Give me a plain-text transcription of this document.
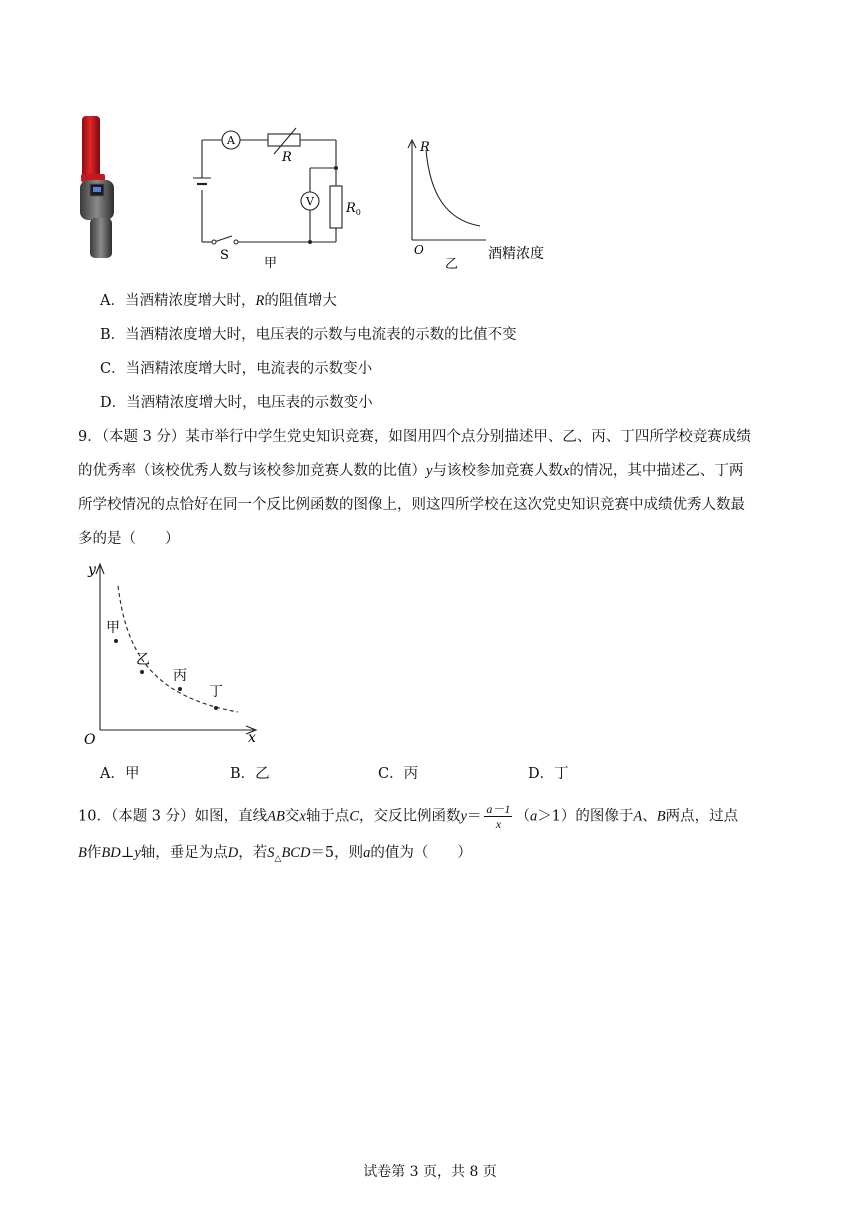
A
R
V $R_0$
S
甲
R
O	酒精浓度
乙
A．当酒精浓度增大时，R的阻值增大
B．当酒精浓度增大时，电压表的示数与电流表的示数的比值不变
C．当酒精浓度增大时，电流表的示数变小
D．当酒精浓度增大时，电压表的示数变小
9．（本题 3 分）某市举行中学生党史知识竞赛，如图用四个点分别描述甲、乙、丙、丁四所学校竞赛成绩
的优秀率（该校优秀人数与该校参加竞赛人数的比值）y与该校参加竞赛人数x的情况，其中描述乙、丁两
所学校情况的点恰好在同一个反比例函数的图像上，则这四所学校在这次党史知识竞赛中成绩优秀人数最
多的是（　　）
y
x
O
甲
乙
丙
丁
A．甲	B．乙	C．丙	D．丁
10．（本题 3 分）如图，直线AB交x轴于点C，交反比例函数$y= \frac{a-1}{x} (a>1)$的图像于A、B两点，过点
B作BD⊥y轴，垂足为点D，若$S_\triangle BCD=5$，则a的值为（　　）
试卷第 3 页，共 8 页
